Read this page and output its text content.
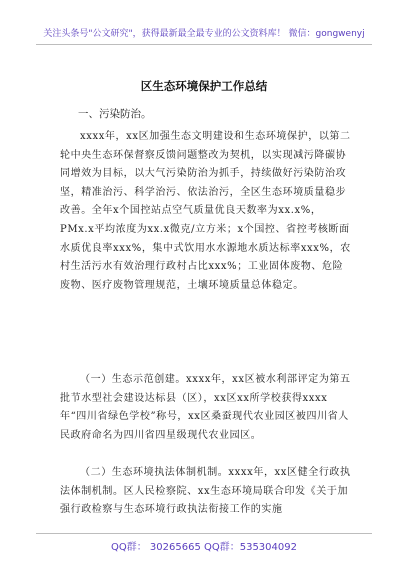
关注头条号"公文研究"，获得最新最全最专业的公文资料库！ 微信：gongwenyj
区生态环境保护工作总结
一、污染防治。

xxxx年，xx区加强生态文明建设和生态环境保护，以第二轮中央生态环保督察反馈问题整改为契机，以实现减污降碳协同增效为目标，以大气污染防治为抓手，持续做好污染防治攻坚，精准治污、科学治污、依法治污，全区生态环境质量稳步改善。全年x个国控站点空气质量优良天数率为xx.x%，PMx.x平均浓度为xx.x微克/立方米；x个国控、省控考核断面水质优良率xxx%，集中式饮用水水源地水质达标率xxx%，农村生活污水有效治理行政村占比xxx%；工业固体废物、危险废物、医疗废物管理规范，土壤环境质量总体稳定。

（一）生态示范创建。xxxx年，xx区被水利部评定为第五批节水型社会建设达标县（区），xx区xx所学校获得xxxx年“四川省绿色学校”称号，xx区桑蚕现代农业园区被四川省人民政府命名为四川省四星级现代农业园区。

（二）生态环境执法体制机制。xxxx年，xx区健全行政执法体制机制。区人民检察院、xx生态环境局联合印发《关于加强行政检察与生态环境行政执法衔接工作的实施

QQ群： 30265665 QQ群：535304092
